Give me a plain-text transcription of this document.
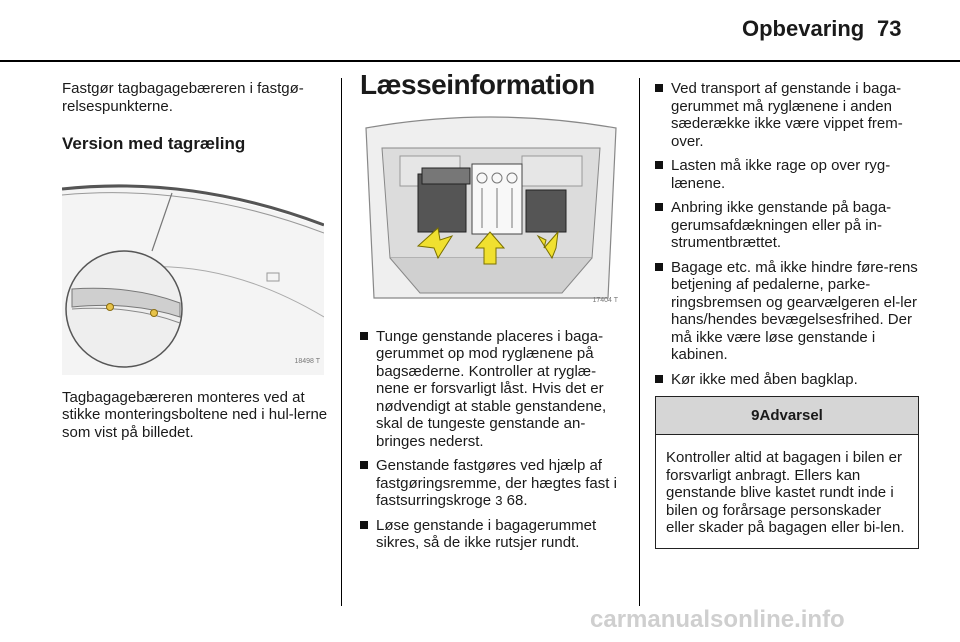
Opbevaring 73

Fastgør tagbagagebæreren i fastgø-relsespunkterne.

Version med tagræling
18498 T

Tagbagagebæreren monteres ved at stikke monteringsboltene ned i hul-lerne som vist på billedet.

Læsseinformation
17404 T
Tunge genstande placeres i baga-gerummet op mod ryglænene på bagsæderne. Kontroller at ryglæ-nene er forsvarligt låst. Hvis det er nødvendigt at stable genstandene, skal de tungeste genstande an-bringes nederst.
Genstande fastgøres ved hjælp af fastgøringsremme, der hægtes fast i fastsurringskroge 3 68.
Løse genstande i bagagerummet sikres, så de ikke rutsjer rundt.
Ved transport af genstande i baga-gerummet må ryglænene i anden sæderække ikke være vippet frem-over.
Lasten må ikke rage op over ryg-lænene.
Anbring ikke genstande på baga-gerumsafdækningen eller på in-strumentbrættet.
Bagage etc. må ikke hindre føre-rens betjening af pedalerne, parke-ringsbremsen og gearvælgeren el-ler hans/hendes bevægelsesfrihed. Der må ikke være løse genstande i kabinen.
Kør ikke med åben bagklap.
9Advarsel
Kontroller altid at bagagen i bilen er forsvarligt anbragt. Ellers kan genstande blive kastet rundt inde i bilen og forårsage personskader eller skader på bagagen eller bi-len.
carmanualsonline.info
